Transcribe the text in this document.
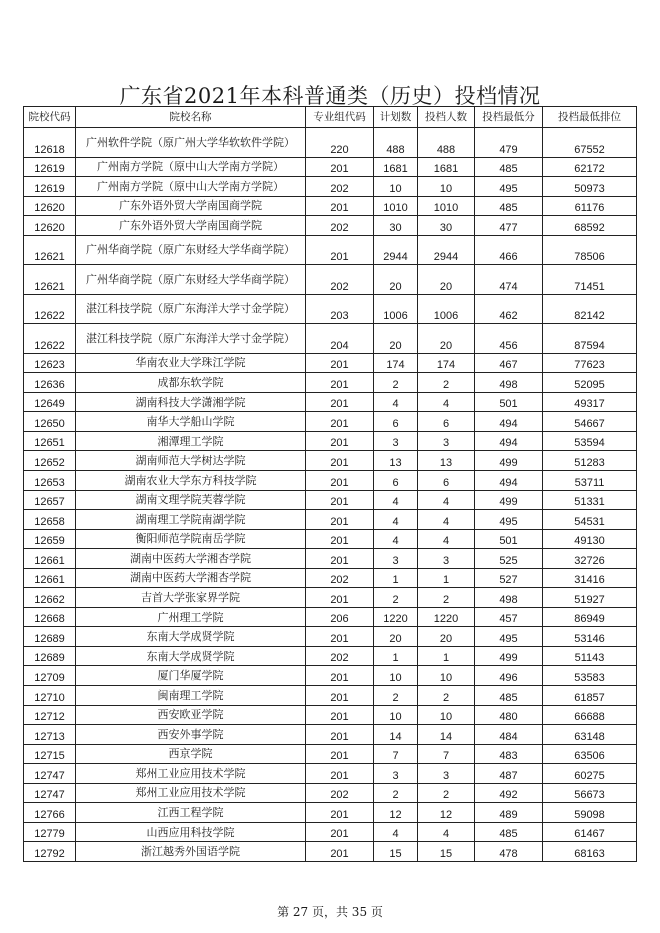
广东省2021年本科普通类（历史）投档情况
院校代码	院校名称	专业组代码	计划数	投档人数	投档最低分	投档最低排位
12618	广州软件学院（原广州大学华软软件学院）	220	488	488	479	67552
12619	广州南方学院（原中山大学南方学院）	201	1681	1681	485	62172
12619	广州南方学院（原中山大学南方学院）	202	10	10	495	50973
12620	广东外语外贸大学南国商学院	201	1010	1010	485	61176
12620	广东外语外贸大学南国商学院	202	30	30	477	68592
12621	广州华商学院（原广东财经大学华商学院）	201	2944	2944	466	78506
12621	广州华商学院（原广东财经大学华商学院）	202	20	20	474	71451
12622	湛江科技学院（原广东海洋大学寸金学院）	203	1006	1006	462	82142
12622	湛江科技学院（原广东海洋大学寸金学院）	204	20	20	456	87594
12623	华南农业大学珠江学院	201	174	174	467	77623
12636	成都东软学院	201	2	2	498	52095
12649	湖南科技大学潇湘学院	201	4	4	501	49317
12650	南华大学船山学院	201	6	6	494	54667
12651	湘潭理工学院	201	3	3	494	53594
12652	湖南师范大学树达学院	201	13	13	499	51283
12653	湖南农业大学东方科技学院	201	6	6	494	53711
12657	湖南文理学院芙蓉学院	201	4	4	499	51331
12658	湖南理工学院南湖学院	201	4	4	495	54531
12659	衡阳师范学院南岳学院	201	4	4	501	49130
12661	湖南中医药大学湘杏学院	201	3	3	525	32726
12661	湖南中医药大学湘杏学院	202	1	1	527	31416
12662	吉首大学张家界学院	201	2	2	498	51927
12668	广州理工学院	206	1220	1220	457	86949
12689	东南大学成贤学院	201	20	20	495	53146
12689	东南大学成贤学院	202	1	1	499	51143
12709	厦门华厦学院	201	10	10	496	53583
12710	闽南理工学院	201	2	2	485	61857
12712	西安欧亚学院	201	10	10	480	66688
12713	西安外事学院	201	14	14	484	63148
12715	西京学院	201	7	7	483	63506
12747	郑州工业应用技术学院	201	3	3	487	60275
12747	郑州工业应用技术学院	202	2	2	492	56673
12766	江西工程学院	201	12	12	489	59098
12779	山西应用科技学院	201	4	4	485	61467
12792	浙江越秀外国语学院	201	15	15	478	68163
第 27 页，共 35 页
